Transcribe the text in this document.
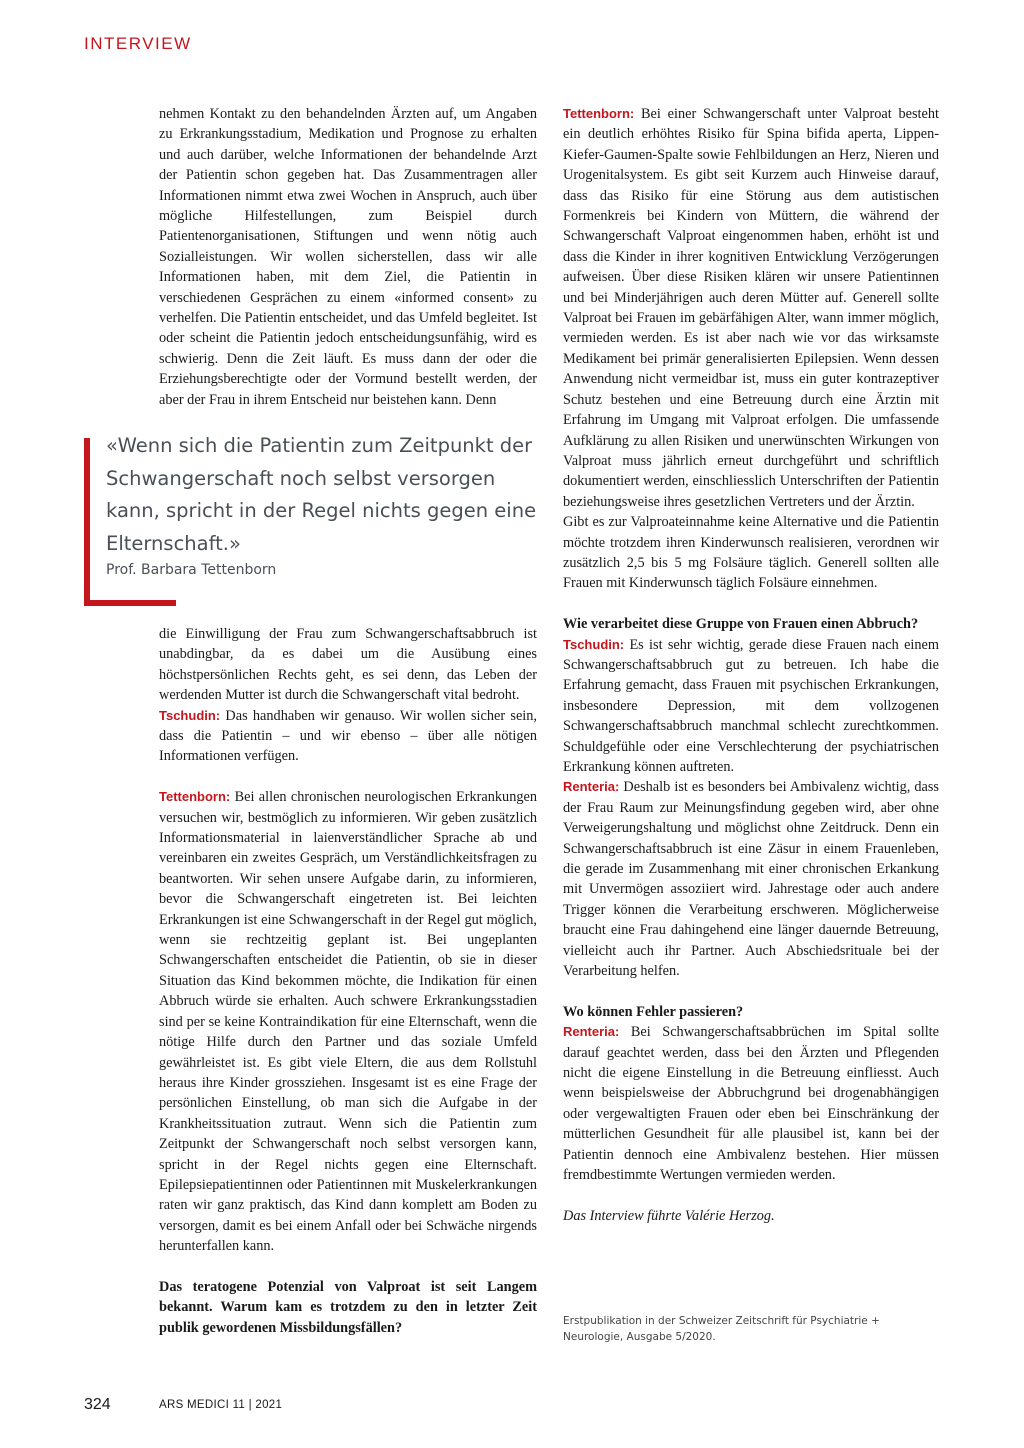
INTERVIEW

nehmen Kontakt zu den behandelnden Ärzten auf, um Angaben zu Erkrankungsstadium, Medikation und Prognose zu erhalten und auch darüber, welche Informationen der behandelnde Arzt der Patientin schon gegeben hat. Das Zusammentragen aller Informationen nimmt etwa zwei Wochen in Anspruch, auch über mögliche Hilfestellungen, zum Beispiel durch Patientenorganisationen, Stiftungen und wenn nötig auch Sozialleistungen. Wir wollen sicherstellen, dass wir alle Informationen haben, mit dem Ziel, die Patientin in verschiedenen Gesprächen zu einem «informed consent» zu verhelfen. Die Patientin entscheidet, und das Umfeld begleitet. Ist oder scheint die Patientin jedoch entscheidungsunfähig, wird es schwierig. Denn die Zeit läuft. Es muss dann der oder die Erziehungsberechtigte oder der Vormund bestellt werden, der aber der Frau in ihrem Entscheid nur beistehen kann. Denn

«Wenn sich die Patientin zum Zeitpunkt der Schwangerschaft noch selbst versorgen kann, spricht in der Regel nichts gegen eine Elternschaft.»
Prof. Barbara Tettenborn

die Einwilligung der Frau zum Schwangerschaftsabbruch ist unabdingbar, da es dabei um die Ausübung eines höchstpersönlichen Rechts geht, es sei denn, das Leben der werdenden Mutter ist durch die Schwangerschaft vital bedroht.

Tschudin: Das handhaben wir genauso. Wir wollen sicher sein, dass die Patientin – und wir ebenso – über alle nötigen Informationen verfügen.

Tettenborn: Bei allen chronischen neurologischen Erkrankungen versuchen wir, bestmöglich zu informieren. Wir geben zusätzlich Informationsmaterial in laienverständlicher Sprache ab und vereinbaren ein zweites Gespräch, um Verständlichkeitsfragen zu beantworten. Wir sehen unsere Aufgabe darin, zu informieren, bevor die Schwangerschaft eingetreten ist. Bei leichten Erkrankungen ist eine Schwangerschaft in der Regel gut möglich, wenn sie rechtzeitig geplant ist. Bei ungeplanten Schwangerschaften entscheidet die Patientin, ob sie in dieser Situation das Kind bekommen möchte, die Indikation für einen Abbruch würde sie erhalten. Auch schwere Erkrankungsstadien sind per se keine Kontraindikation für eine Elternschaft, wenn die nötige Hilfe durch den Partner und das soziale Umfeld gewährleistet ist. Es gibt viele Eltern, die aus dem Rollstuhl heraus ihre Kinder grossziehen. Insgesamt ist es eine Frage der persönlichen Einstellung, ob man sich die Aufgabe in der Krankheitssituation zutraut. Wenn sich die Patientin zum Zeitpunkt der Schwangerschaft noch selbst versorgen kann, spricht in der Regel nichts gegen eine Elternschaft. Epilepsiepatientinnen oder Patientinnen mit Muskelerkrankungen raten wir ganz praktisch, das Kind dann komplett am Boden zu versorgen, damit es bei einem Anfall oder bei Schwäche nirgends herunterfallen kann.

Das teratogene Potenzial von Valproat ist seit Langem bekannt. Warum kam es trotzdem zu den in letzter Zeit publik gewordenen Missbildungsfällen?

Tettenborn: Bei einer Schwangerschaft unter Valproat besteht ein deutlich erhöhtes Risiko für Spina bifida aperta, Lippen-Kiefer-Gaumen-Spalte sowie Fehlbildungen an Herz, Nieren und Urogenitalsystem. Es gibt seit Kurzem auch Hinweise darauf, dass das Risiko für eine Störung aus dem autistischen Formenkreis bei Kindern von Müttern, die während der Schwangerschaft Valproat eingenommen haben, erhöht ist und dass die Kinder in ihrer kognitiven Entwicklung Verzögerungen aufweisen. Über diese Risiken klären wir unsere Patientinnen und bei Minderjährigen auch deren Mütter auf. Generell sollte Valproat bei Frauen im gebärfähigen Alter, wann immer möglich, vermieden werden. Es ist aber nach wie vor das wirksamste Medikament bei primär generalisierten Epilepsien. Wenn dessen Anwendung nicht vermeidbar ist, muss ein guter kontrazeptiver Schutz bestehen und eine Betreuung durch eine Ärztin mit Erfahrung im Umgang mit Valproat erfolgen. Die umfassende Aufklärung zu allen Risiken und unerwünschten Wirkungen von Valproat muss jährlich erneut durchgeführt und schriftlich dokumentiert werden, einschliesslich Unterschriften der Patientin beziehungsweise ihres gesetzlichen Vertreters und der Ärztin.

Gibt es zur Valproateinnahme keine Alternative und die Patientin möchte trotzdem ihren Kinderwunsch realisieren, verordnen wir zusätzlich 2,5 bis 5 mg Folsäure täglich. Generell sollten alle Frauen mit Kinderwunsch täglich Folsäure einnehmen.

Wie verarbeitet diese Gruppe von Frauen einen Abbruch?

Tschudin: Es ist sehr wichtig, gerade diese Frauen nach einem Schwangerschaftsabbruch gut zu betreuen. Ich habe die Erfahrung gemacht, dass Frauen mit psychischen Erkrankungen, insbesondere Depression, mit dem vollzogenen Schwangerschaftsabbruch manchmal schlecht zurechtkommen. Schuldgefühle oder eine Verschlechterung der psychiatrischen Erkrankung können auftreten.

Renteria: Deshalb ist es besonders bei Ambivalenz wichtig, dass der Frau Raum zur Meinungsfindung gegeben wird, aber ohne Verweigerungshaltung und möglichst ohne Zeitdruck. Denn ein Schwangerschaftsabbruch ist eine Zäsur in einem Frauenleben, die gerade im Zusammenhang mit einer chronischen Erkankung mit Unvermögen assoziiert wird. Jahrestage oder auch andere Trigger können die Verarbeitung erschweren. Möglicherweise braucht eine Frau dahingehend eine länger dauernde Betreuung, vielleicht auch ihr Partner. Auch Abschiedsrituale bei der Verarbeitung helfen.

Wo können Fehler passieren?

Renteria: Bei Schwangerschaftsabbrüchen im Spital sollte darauf geachtet werden, dass bei den Ärzten und Pflegenden nicht die eigene Einstellung in die Betreuung einfliesst. Auch wenn beispielsweise der Abbruchgrund bei drogenabhängigen oder vergewaltigten Frauen oder eben bei Einschränkung der mütterlichen Gesundheit für alle plausibel ist, kann bei der Patientin dennoch eine Ambivalenz bestehen. Hier müssen fremdbestimmte Wertungen vermieden werden.

Das Interview führte Valérie Herzog.

Erstpublikation in der Schweizer Zeitschrift für Psychiatrie + Neurologie, Ausgabe 5/2020.
324	ARS MEDICI 11 | 2021
